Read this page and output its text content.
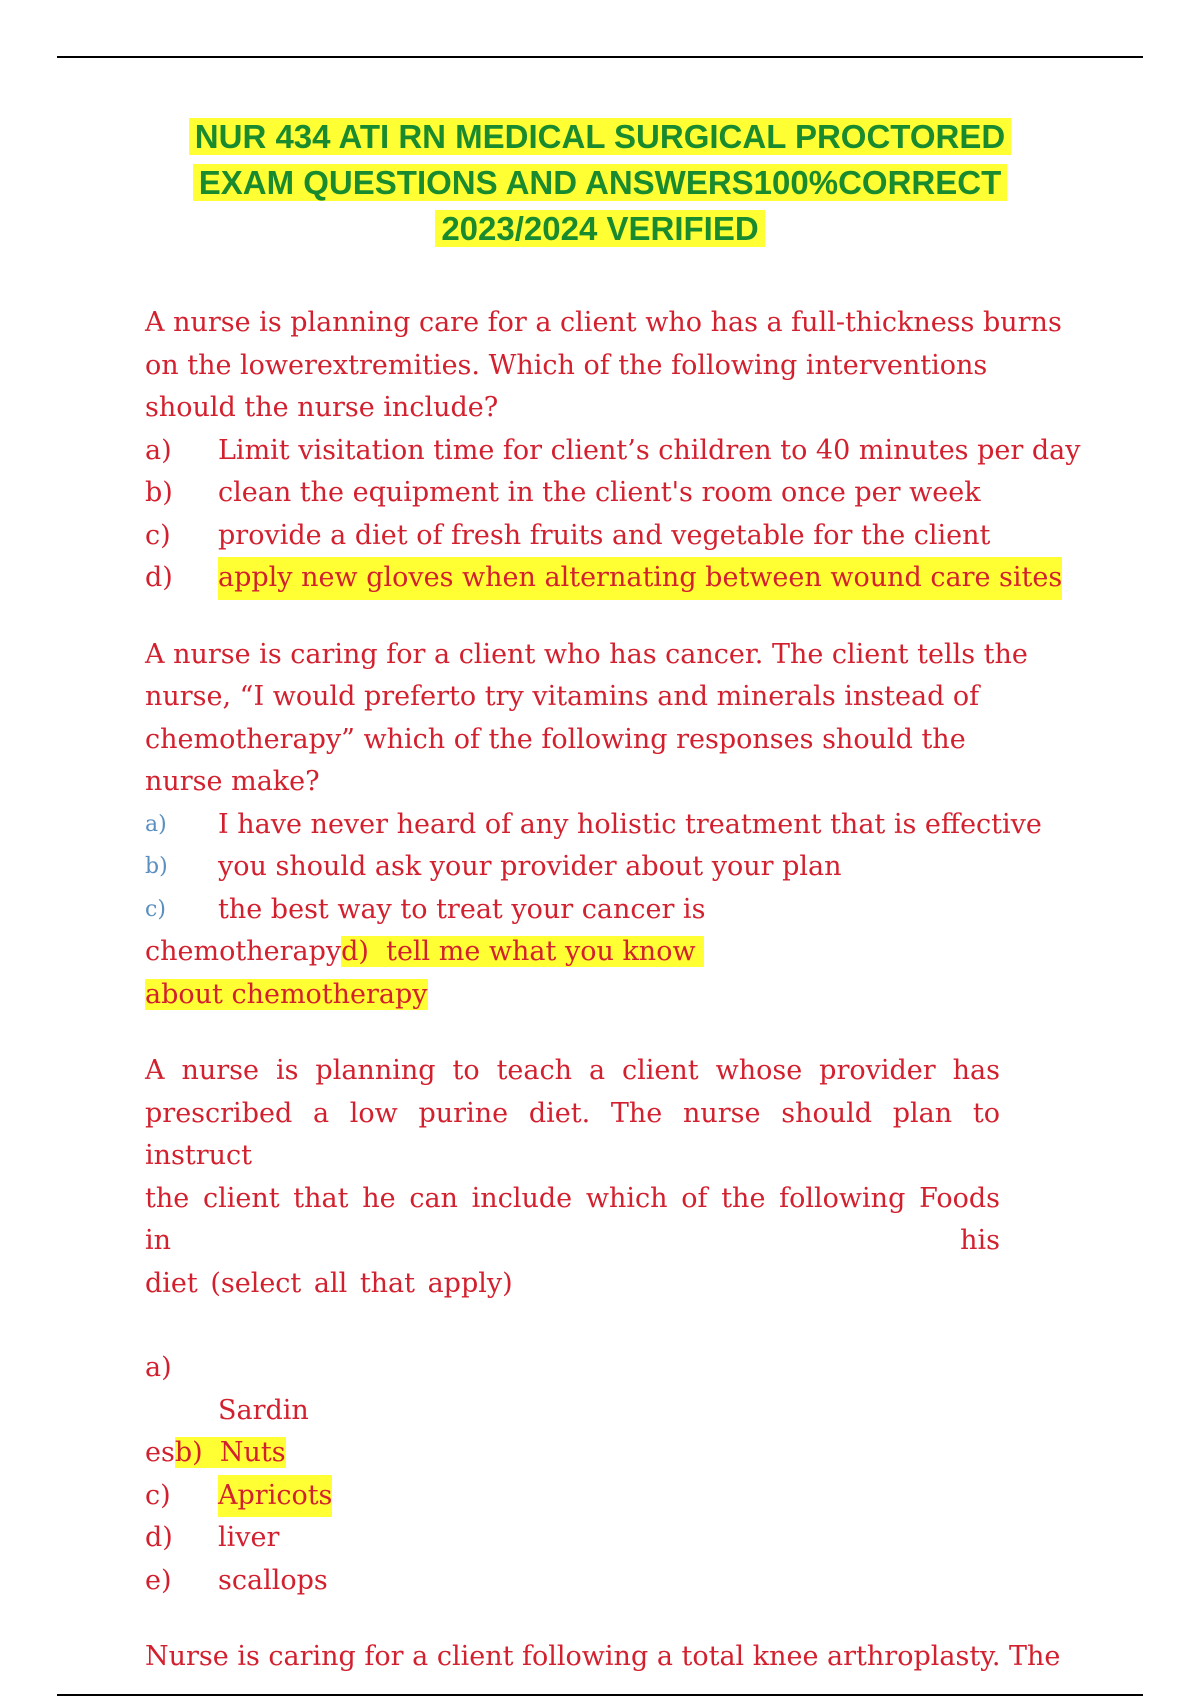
NUR 434 ATI RN MEDICAL SURGICAL PROCTORED
EXAM QUESTIONS AND ANSWERS100%CORRECT
2023/2024 VERIFIED
A nurse is planning care for a client who has a full-thickness burns
on the lowerextremities. Which of the following interventions
should the nurse include?
a)	Limit visitation time for client’s children to 40 minutes per day
b)	clean the equipment in the client's room once per week
c)	provide a diet of fresh fruits and vegetable for the client
d)	apply new gloves when alternating between wound care sites
A nurse is caring for a client who has cancer. The client tells the
nurse, “I would preferto try vitamins and minerals instead of
chemotherapy” which of the following responses should the
nurse make?
a)	I have never heard of any holistic treatment that is effective
b)	you should ask your provider about your plan
c)	the best way to treat your cancer is
chemotherapyd)  tell me what you know
about chemotherapy
A nurse is planning to teach a client whose provider has
prescribed a low purine diet. The nurse should plan to instruct
the client that he can include which of the following Foods in his
diet (select all that apply)
a)
Sardin
esb)  Nuts
c)	Apricots
d)	liver
e)	scallops
Nurse is caring for a client following a total knee arthroplasty. The
